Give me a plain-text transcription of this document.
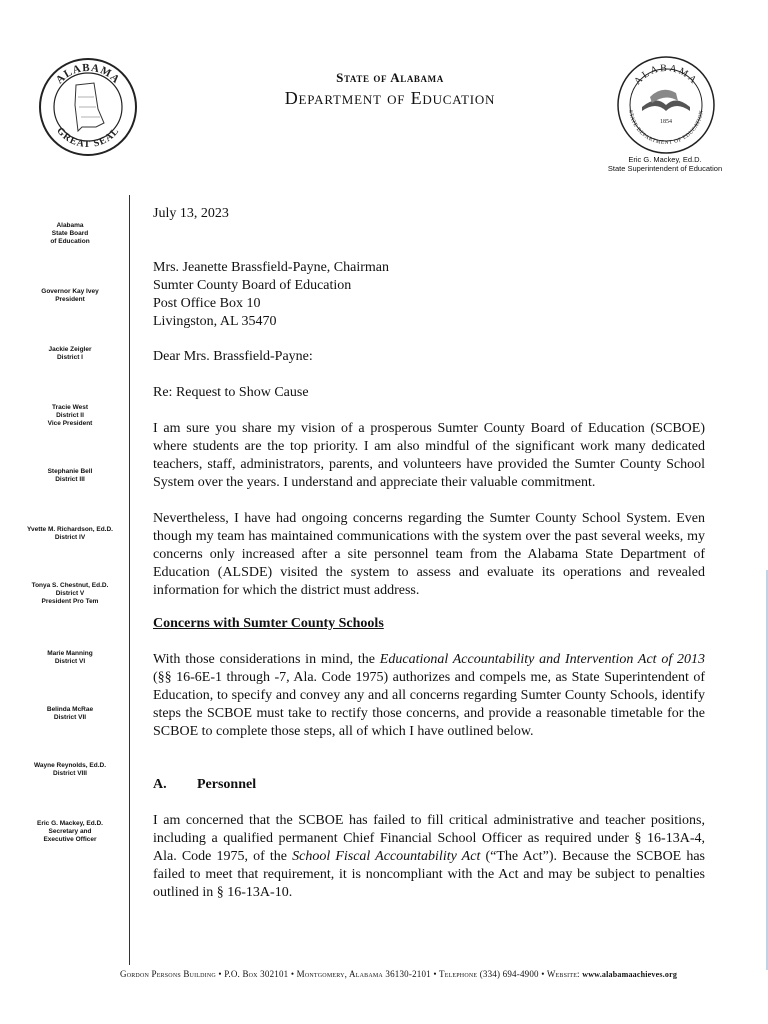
ALABAMA
GREAT SEAL
ALABAMA
STATE DEPARTMENT OF EDUCATION
1854
State of Alabama
Department of Education
Eric G. Mackey, Ed.D.
State Superintendent of Education
Alabama
State Board
of Education
Governor Kay Ivey
President
Jackie Zeigler
District I
Tracie West
District II
Vice President
Stephanie Bell
District III
Yvette M. Richardson, Ed.D.
District IV
Tonya S. Chestnut, Ed.D.
District V
President Pro Tem
Marie Manning
District VI
Belinda McRae
District VII
Wayne Reynolds, Ed.D.
District VIII
Eric G. Mackey, Ed.D.
Secretary and
Executive Officer

July 13, 2023

Mrs. Jeanette Brassfield-Payne, Chairman
Sumter County Board of Education
Post Office Box 10
Livingston, AL 35470

Dear Mrs. Brassfield-Payne:

Re: Request to Show Cause

I am sure you share my vision of a prosperous Sumter County Board of Education (SCBOE) where students are the top priority. I am also mindful of the significant work many dedicated teachers, staff, administrators, parents, and volunteers have provided the Sumter County School System over the years. I understand and appreciate their valuable commitment.

Nevertheless, I have had ongoing concerns regarding the Sumter County School System. Even though my team has maintained communications with the system over the past several weeks, my concerns only increased after a site personnel team from the Alabama State Department of Education (ALSDE) visited the system to assess and evaluate its operations and revealed information for which the district must address.

Concerns with Sumter County Schools

With those considerations in mind, the Educational Accountability and Intervention Act of 2013 (§§ 16-6E-1 through -7, Ala. Code 1975) authorizes and compels me, as State Superintendent of Education, to specify and convey any and all concerns regarding Sumter County Schools, identify steps the SCBOE must take to rectify those concerns, and provide a reasonable timetable for the SCBOE to complete those steps, all of which I have outlined below.

A. Personnel

I am concerned that the SCBOE has failed to fill critical administrative and teacher positions, including a qualified permanent Chief Financial School Officer as required under § 16-13A-4, Ala. Code 1975, of the School Fiscal Accountability Act (“The Act”). Because the SCBOE has failed to meet that requirement, it is noncompliant with the Act and may be subject to penalties outlined in § 16-13A-10.

Gordon Persons Building • P.O. Box 302101 • Montgomery, Alabama 36130-2101 • Telephone (334) 694-4900 • Website: www.alabamaachieves.org
